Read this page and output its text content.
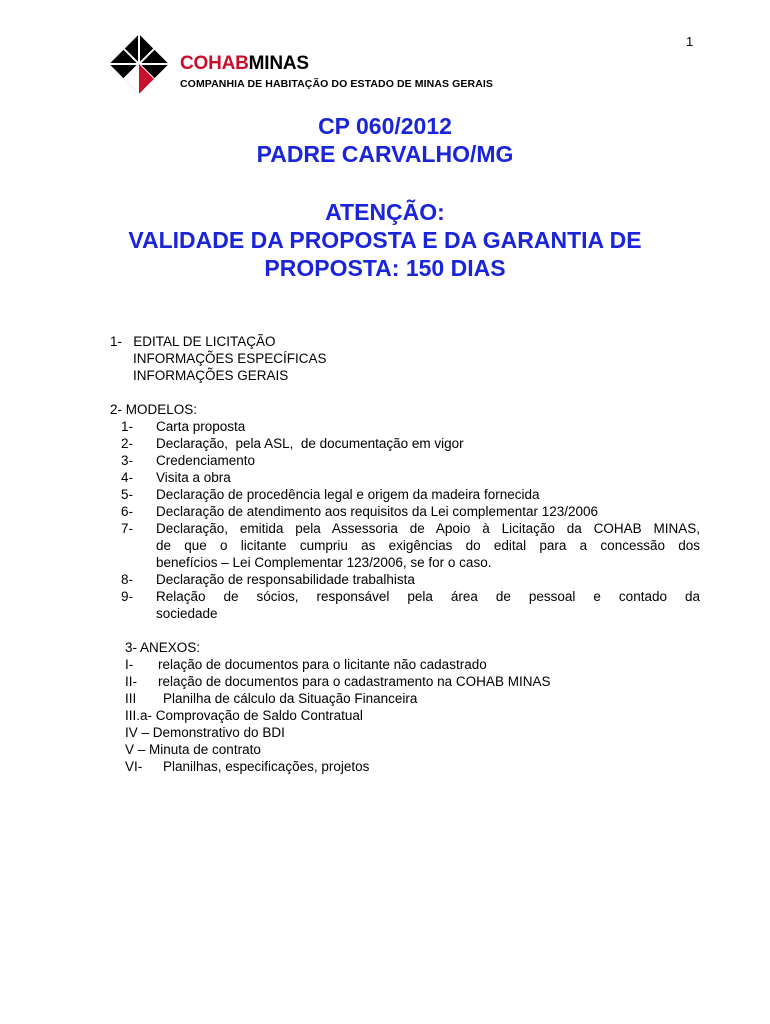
1
COHABMINAS
COMPANHIA DE HABITAÇÃO DO ESTADO DE MINAS GERAIS

CP 060/2012

PADRE CARVALHO/MG

ATENÇÃO:

VALIDADE DA PROPOSTA E DA GARANTIA DE

PROPOSTA: 150 DIAS

1- EDITAL DE LICITAÇÃO
INFORMAÇÕES ESPECÍFICAS
INFORMAÇÕES GERAIS
2- MODELOS:
1-	Carta proposta
2-	Declaração,  pela ASL,  de documentação em vigor
3-	Credenciamento
4-	Visita a obra
5-	Declaração de procedência legal e origem da madeira fornecida
6-	Declaração de atendimento aos requisitos da Lei complementar 123/2006
7-	Declaração, emitida pela Assessoria de Apoio à Licitação da COHAB MINAS,
de que o licitante cumpriu as exigências do edital para a concessão dos
benefícios – Lei Complementar 123/2006, se for o caso.
8-	Declaração de responsabilidade trabalhista
9-	Relação de sócios, responsável pela área de pessoal e contado da
sociedade
3- ANEXOS:
I-	relação de documentos para o licitante não cadastrado
II-	relação de documentos para o cadastramento na COHAB MINAS
III	Planilha de cálculo da Situação Financeira
III.a- Comprovação de Saldo Contratual
IV – Demonstrativo do BDI
V – Minuta de contrato
VI-	Planilhas, especificações, projetos
